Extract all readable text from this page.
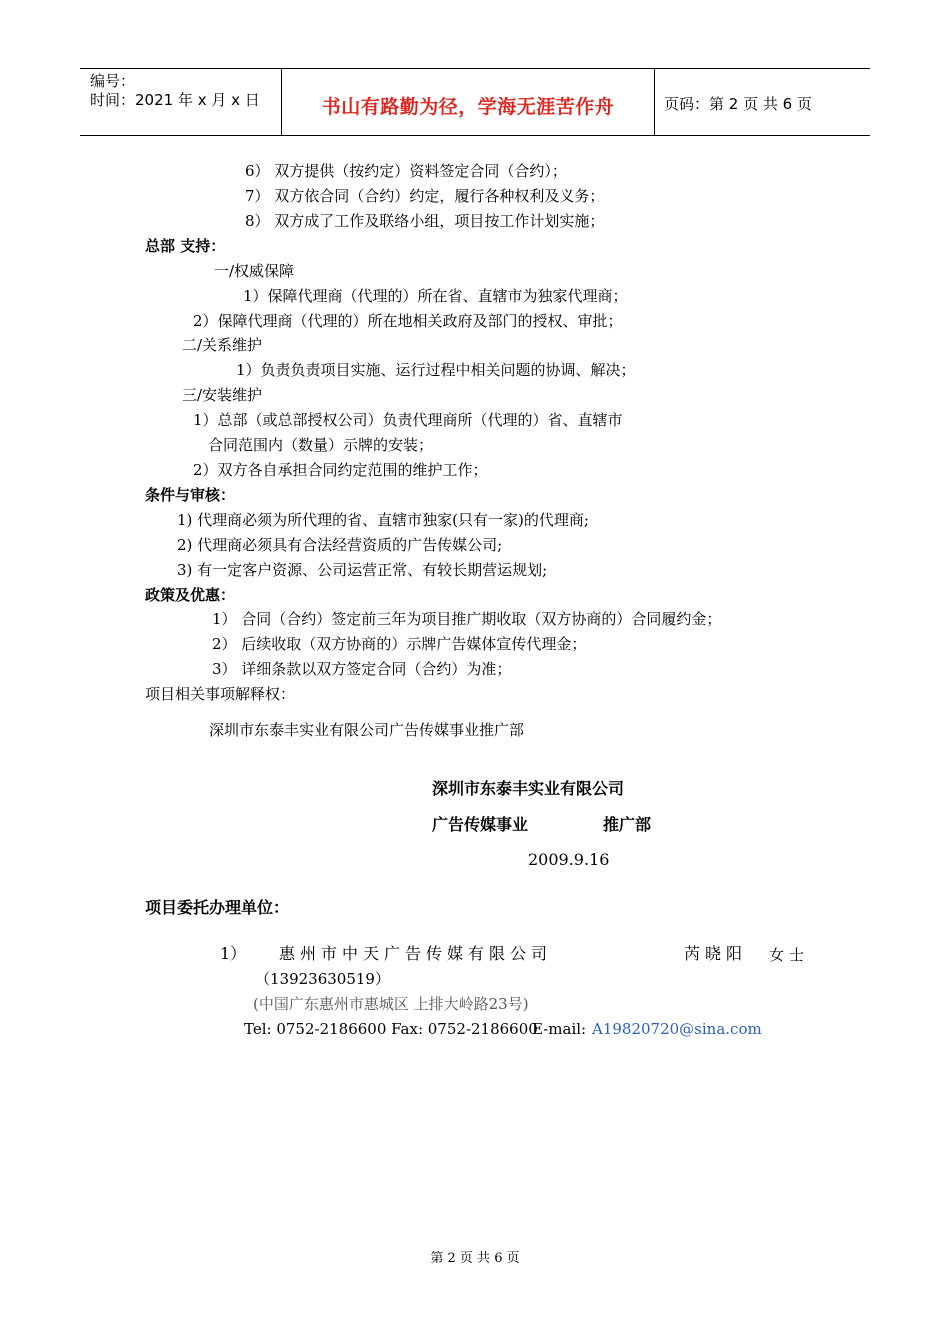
编号：
时间：2021 年 x 月 x 日	书山有路勤为径，学海无涯苦作舟	页码：第 2 页 共 6 页
6） 双方提供（按约定）资料签定合同（合约）；
7） 双方依合同（合约）约定，履行各种权利及义务；
8） 双方成了工作及联络小组，项目按工作计划实施；
总部 支持：
一/权威保障
1）保障代理商（代理的）所在省、直辖市为独家代理商；
2）保障代理商（代理的）所在地相关政府及部门的授权、审批；
二/关系维护
1）负责负责项目实施、运行过程中相关问题的协调、解决；
三/安装维护
1）总部（或总部授权公司）负责代理商所（代理的）省、直辖市
合同范围内（数量）示牌的安装；
2）双方各自承担合同约定范围的维护工作；
条件与审核：
1) 代理商必须为所代理的省、直辖市独家(只有一家)的代理商;
2) 代理商必须具有合法经营资质的广告传媒公司;
3) 有一定客户资源、公司运营正常、有较长期营运规划;
政策及优惠：
1） 合同（合约）签定前三年为项目推广期收取（双方协商的）合同履约金；
2） 后续收取（双方协商的）示牌广告媒体宣传代理金；
3） 详细条款以双方签定合同（合约）为准；
项目相关事项解释权：
深圳市东泰丰实业有限公司广告传媒事业推广部
深圳市东泰丰实业有限公司
广告传媒事业	推广部
2009.9.16
项目委托办理单位：
1） 惠州市中天广告传媒有限公司	芮晓阳 女士
（13923630519）
(中国广东惠州市惠城区 上排大岭路23号)
Tel: 0752-2186600 Fax: 0752-2186600
E-mail: A19820720@sina.com
第 2 页 共 6 页
